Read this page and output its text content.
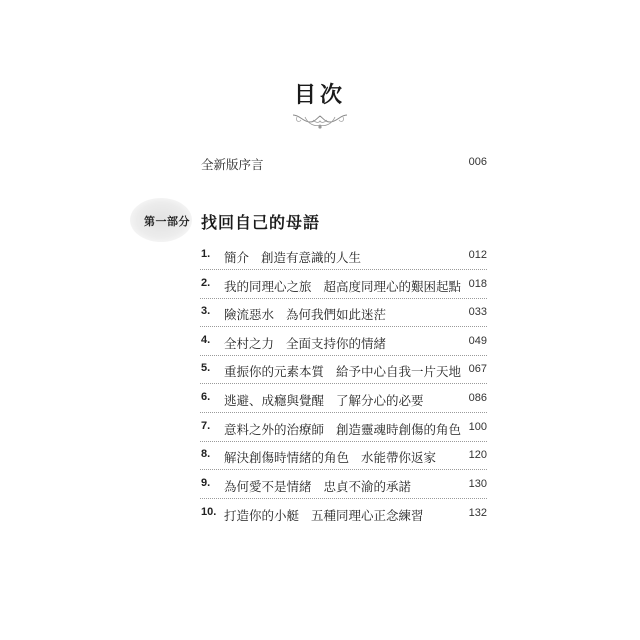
目次
全新版序言	006
第一部分 找回自己的母語
1. 簡介 創造有意識的人生	012
2. 我的同理心之旅 超高度同理心的艱困起點 018
3. 險流惡水 為何我們如此迷茫	033
4. 全村之力 全面支持你的情緒	049
5. 重振你的元素本質 給予中心自我一片天地 067
6. 逃避、成癮與覺醒 了解分心的必要	086
7. 意料之外的治療師 創造靈魂時創傷的角色 100
8. 解決創傷時情緒的角色 水能帶你返家	120
9. 為何愛不是情緒 忠貞不渝的承諾	130
10. 打造你的小艇 五種同理心正念練習	132
